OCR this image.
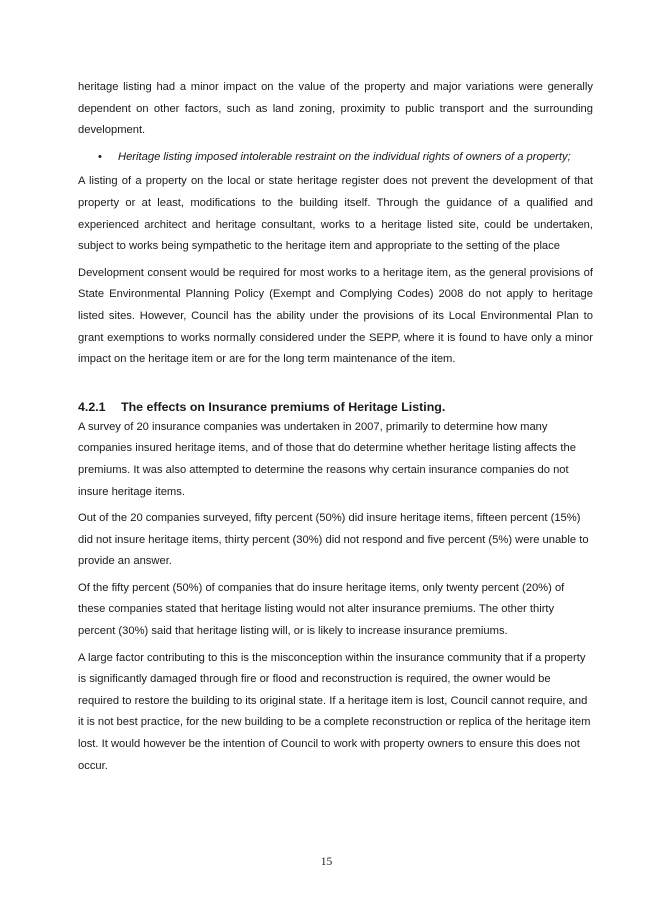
heritage listing had a minor impact on the value of the property and major variations were generally dependent on other factors, such as land zoning, proximity to public transport and the surrounding development.

• Heritage listing imposed intolerable restraint on the individual rights of owners of a property;

A listing of a property on the local or state heritage register does not prevent the development of that property or at least, modifications to the building itself. Through the guidance of a qualified and experienced architect and heritage consultant, works to a heritage listed site, could be undertaken, subject to works being sympathetic to the heritage item and appropriate to the setting of the place

Development consent would be required for most works to a heritage item, as the general provisions of State Environmental Planning Policy (Exempt and Complying Codes) 2008 do not apply to heritage listed sites. However, Council has the ability under the provisions of its Local Environmental Plan to grant exemptions to works normally considered under the SEPP, where it is found to have only a minor impact on the heritage item or are for the long term maintenance of the item.

4.2.1 The effects on Insurance premiums of Heritage Listing.

A survey of 20 insurance companies was undertaken in 2007, primarily to determine how many companies insured heritage items, and of those that do determine whether heritage listing affects the premiums. It was also attempted to determine the reasons why certain insurance companies do not insure heritage items.

Out of the 20 companies surveyed, fifty percent (50%) did insure heritage items, fifteen percent (15%) did not insure heritage items, thirty percent (30%) did not respond and five percent (5%) were unable to provide an answer.

Of the fifty percent (50%) of companies that do insure heritage items, only twenty percent (20%) of these companies stated that heritage listing would not alter insurance premiums. The other thirty percent (30%) said that heritage listing will, or is likely to increase insurance premiums.

A large factor contributing to this is the misconception within the insurance community that if a property is significantly damaged through fire or flood and reconstruction is required, the owner would be required to restore the building to its original state. If a heritage item is lost, Council cannot require, and it is not best practice, for the new building to be a complete reconstruction or replica of the heritage item lost. It would however be the intention of Council to work with property owners to ensure this does not occur.

15
